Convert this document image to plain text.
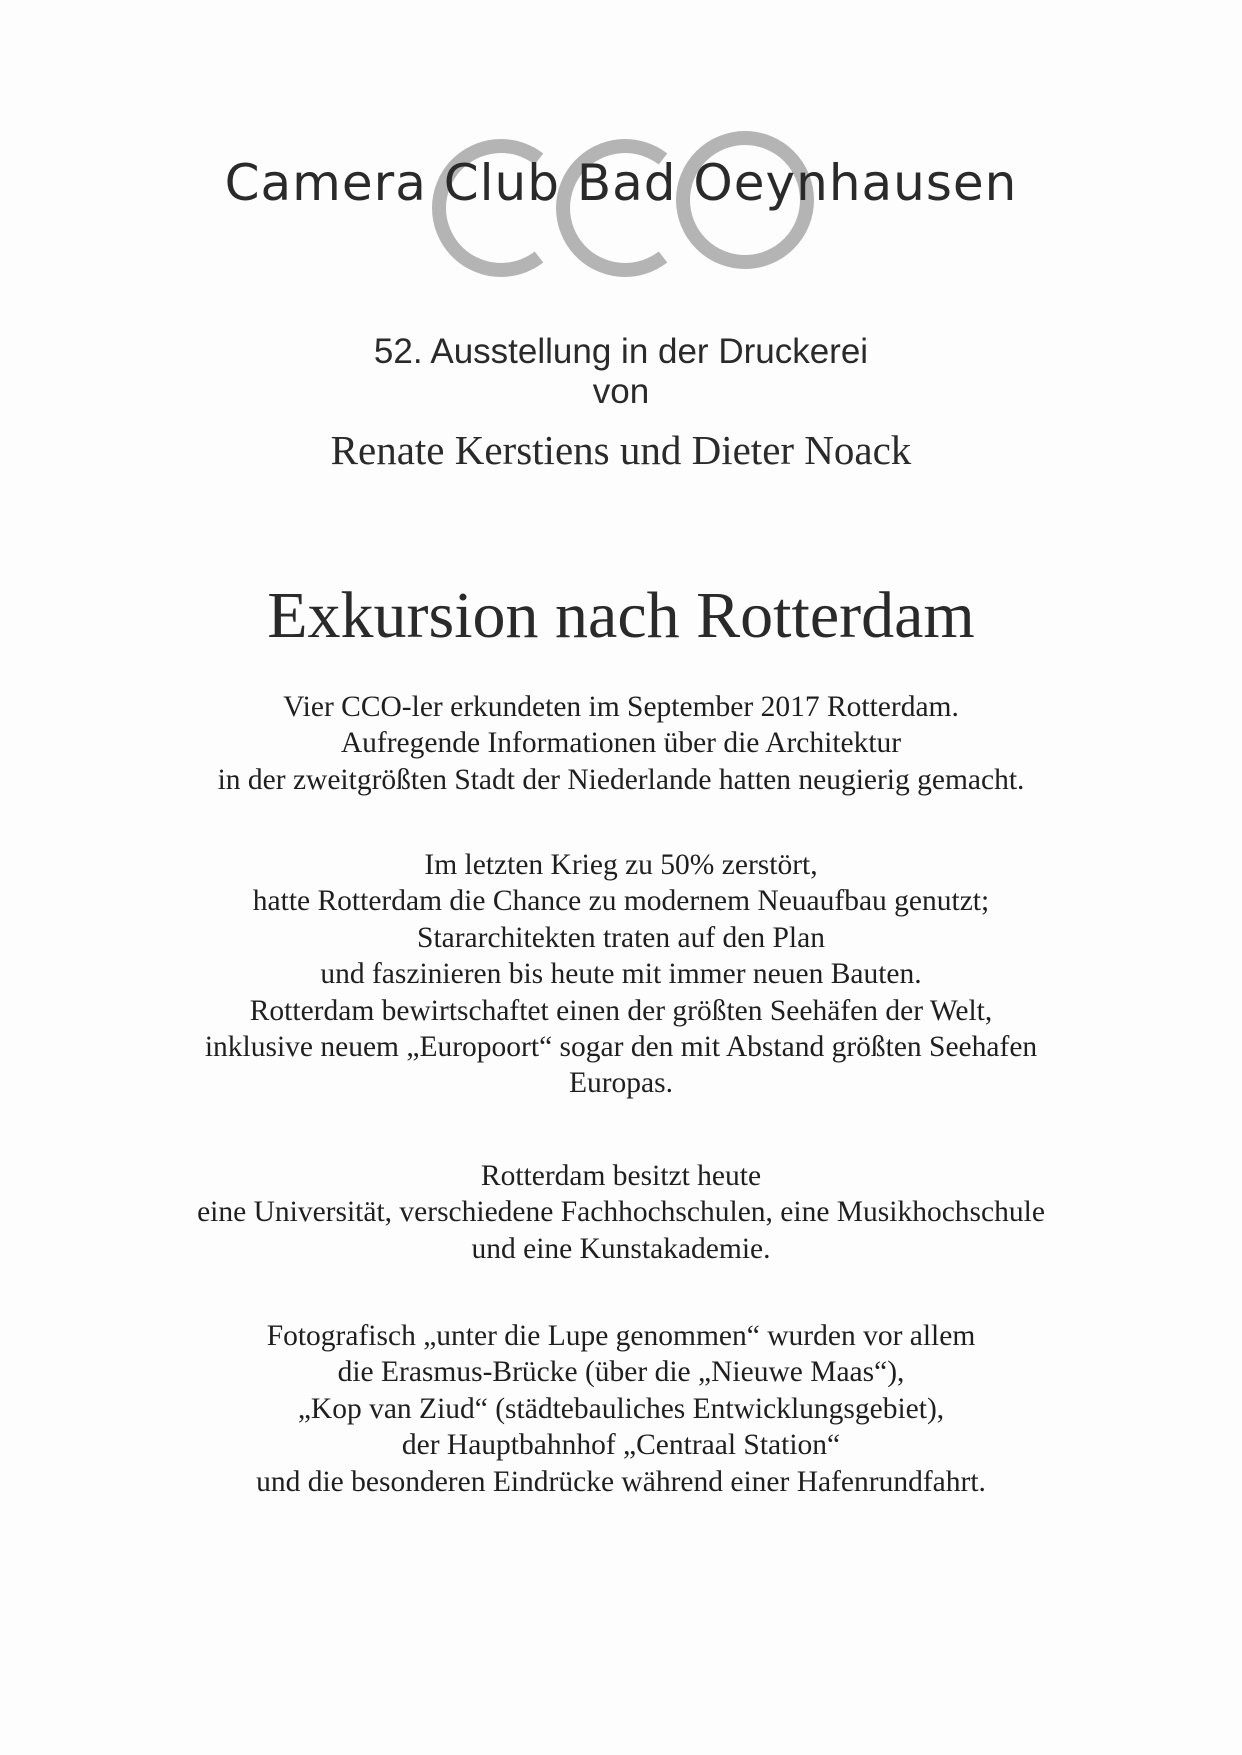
Camera Club Bad Oeynhausen
52. Ausstellung in der Druckerei
von
Renate Kerstiens und Dieter Noack
Exkursion nach Rotterdam
Vier CCO-ler erkundeten im September 2017 Rotterdam.
Aufregende Informationen über die Architektur
in der zweitgrößten Stadt der Niederlande hatten neugierig gemacht.
Im letzten Krieg zu 50% zerstört,
hatte Rotterdam die Chance zu modernem Neuaufbau genutzt;
Stararchitekten traten auf den Plan
und faszinieren bis heute mit immer neuen Bauten.
Rotterdam bewirtschaftet einen der größten Seehäfen der Welt,
inklusive neuem „Europoort“ sogar den mit Abstand größten Seehafen
Europas.
Rotterdam besitzt heute
eine Universität, verschiedene Fachhochschulen, eine Musikhochschule
und eine Kunstakademie.
Fotografisch „unter die Lupe genommen“ wurden vor allem
die Erasmus-Brücke (über die „Nieuwe Maas“),
„Kop van Ziud“ (städtebauliches Entwicklungsgebiet),
der Hauptbahnhof „Centraal Station“
und die besonderen Eindrücke während einer Hafenrundfahrt.
